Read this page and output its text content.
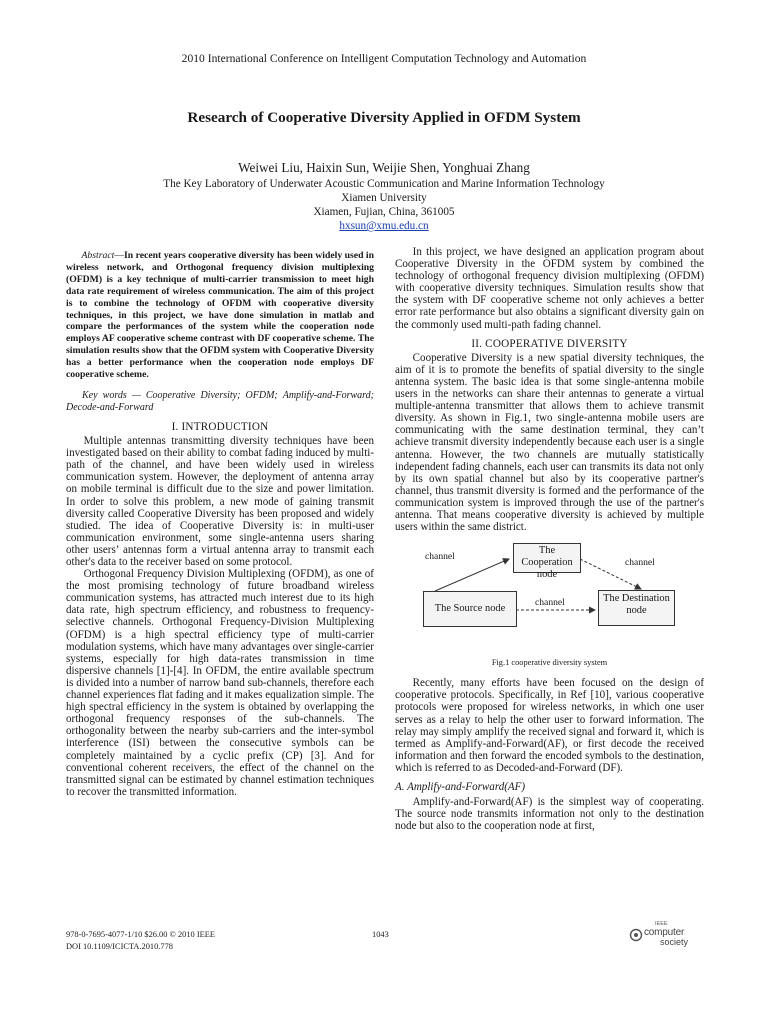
2010 International Conference on Intelligent Computation Technology and Automation
Research of Cooperative Diversity Applied in OFDM System
Weiwei Liu, Haixin Sun, Weijie Shen, Yonghuai Zhang
The Key Laboratory of Underwater Acoustic Communication and Marine Information Technology
Xiamen University
Xiamen, Fujian, China, 361005
hxsun@xmu.edu.cn

Abstract—In recent years cooperative diversity has been widely used in wireless network, and Orthogonal frequency division multiplexing (OFDM) is a key technique of multi-carrier transmission to meet high data rate requirement of wireless communication. The aim of this project is to combine the technology of OFDM with cooperative diversity techniques, in this project, we have done simulation in matlab and compare the performances of the system while the cooperation node employs AF cooperative scheme contrast with DF cooperative scheme. The simulation results show that the OFDM system with Cooperative Diversity has a better performance when the cooperation node employs DF cooperative scheme.

Key words — Cooperative Diversity; OFDM; Amplify-and-Forward; Decode-and-Forward

I. INTRODUCTION

Multiple antennas transmitting diversity techniques have been investigated based on their ability to combat fading induced by multi-path of the channel, and have been widely used in wireless communication system. However, the deployment of antenna array on mobile terminal is difficult due to the size and power limitation. In order to solve this problem, a new mode of gaining transmit diversity called Cooperative Diversity has been proposed and widely studied. The idea of Cooperative Diversity is: in multi-user communication environment, some single-antenna users sharing other users’ antennas form a virtual antenna array to transmit each other's data to the receiver based on some protocol.

Orthogonal Frequency Division Multiplexing (OFDM), as one of the most promising technology of future broadband wireless communication systems, has attracted much interest due to its high data rate, high spectrum efficiency, and robustness to frequency-selective channels. Orthogonal Frequency-Division Multiplexing (OFDM) is a high spectral efficiency type of multi-carrier modulation systems, which have many advantages over single-carrier systems, especially for high data-rates transmission in time dispersive channels [1]-[4]. In OFDM, the entire available spectrum is divided into a number of narrow band sub-channels, therefore each channel experiences flat fading and it makes equalization simple. The high spectral efficiency in the system is obtained by overlapping the orthogonal frequency responses of the sub-channels. The orthogonality between the nearby sub-carriers and the inter-symbol interference (ISI) between the consecutive symbols can be completely maintained by a cyclic prefix (CP) [3]. And for conventional coherent receivers, the effect of the channel on the transmitted signal can be estimated by channel estimation techniques to recover the transmitted information.

In this project, we have designed an application program about Cooperative Diversity in the OFDM system by combined the technology of orthogonal frequency division multiplexing (OFDM) with cooperative diversity techniques. Simulation results show that the system with DF cooperative scheme not only achieves a better error rate performance but also obtains a significant diversity gain on the commonly used multi-path fading channel.

II. COOPERATIVE DIVERSITY

Cooperative Diversity is a new spatial diversity techniques, the aim of it is to promote the benefits of spatial diversity to the single antenna system. The basic idea is that some single-antenna mobile users in the networks can share their antennas to generate a virtual multiple-antenna transmitter that allows them to achieve transmit diversity. As shown in Fig.1, two single-antenna mobile users are communicating with the same destination terminal, they can’t achieve transmit diversity independently because each user is a single antenna. However, the two channels are mutually statistically independent fading channels, each user can transmits its data not only by its own spatial channel but also by its cooperative partner's channel, thus transmit diversity is formed and the performance of the communication system is improved through the use of the partner's antenna. That means cooperative diversity is achieved by multiple users within the same district.

The Cooperation node
The Source node
The Destination node
channel
channel
channel

Fig.1 cooperative diversity system

Recently, many efforts have been focused on the design of cooperative protocols. Specifically, in Ref [10], various cooperative protocols were proposed for wireless networks, in which one user serves as a relay to help the other user to forward information. The relay may simply amplify the received signal and forward it, which is termed as Amplify-and-Forward(AF), or first decode the received information and then forward the encoded symbols to the destination, which is referred to as Decoded-and-Forward (DF).

A. Amplify-and-Forward(AF)

Amplify-and-Forward(AF) is the simplest way of cooperating. The source node transmits information not only to the destination node but also to the cooperation node at first,

978-0-7695-4077-1/10 $26.00 © 2010 IEEE
DOI 10.1109/ICICTA.2010.778
1043
IEEE
computer
society
